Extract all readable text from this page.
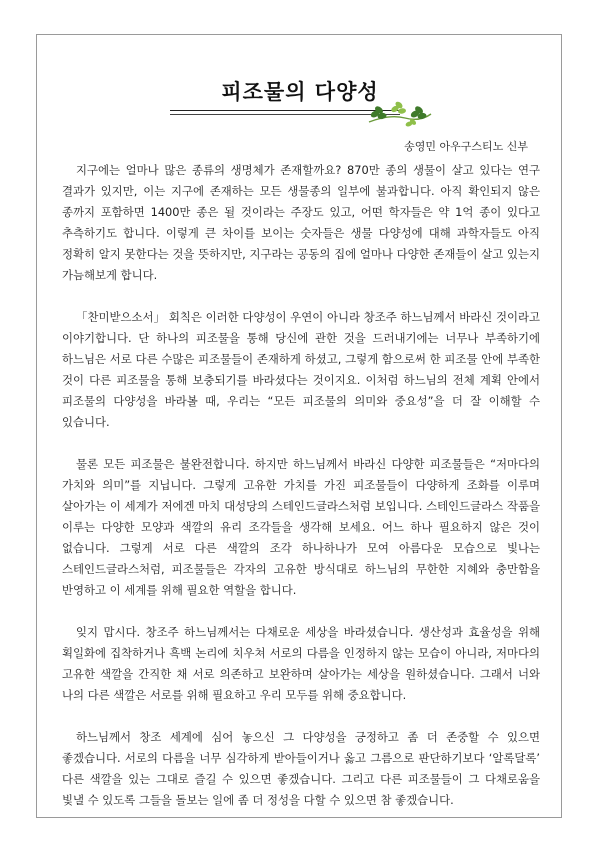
피조물의 다양성
송영민 아우구스티노 신부

지구에는 얼마나 많은 종류의 생명체가 존재할까요? 870만 종의 생물이 살고 있다는 연구 결과가 있지만, 이는 지구에 존재하는 모든 생물종의 일부에 불과합니다. 아직 확인되지 않은 종까지 포함하면 1400만 종은 될 것이라는 주장도 있고, 어떤 학자들은 약 1억 종이 있다고 추측하기도 합니다. 이렇게 큰 차이를 보이는 숫자들은 생물 다양성에 대해 과학자들도 아직 정확히 알지 못한다는 것을 뜻하지만, 지구라는 공동의 집에 얼마나 다양한 존재들이 살고 있는지 가늠해보게 합니다.

「찬미받으소서」 회칙은 이러한 다양성이 우연이 아니라 창조주 하느님께서 바라신 것이라고 이야기합니다. 단 하나의 피조물을 통해 당신에 관한 것을 드러내기에는 너무나 부족하기에 하느님은 서로 다른 수많은 피조물들이 존재하게 하셨고, 그렇게 함으로써 한 피조물 안에 부족한 것이 다른 피조물을 통해 보충되기를 바라셨다는 것이지요. 이처럼 하느님의 전체 계획 안에서 피조물의 다양성을 바라볼 때, 우리는 “모든 피조물의 의미와 중요성”을 더 잘 이해할 수 있습니다.

물론 모든 피조물은 불완전합니다. 하지만 하느님께서 바라신 다양한 피조물들은 “저마다의 가치와 의미”를 지닙니다. 그렇게 고유한 가치를 가진 피조물들이 다양하게 조화를 이루며 살아가는 이 세계가 저에겐 마치 대성당의 스테인드글라스처럼 보입니다. 스테인드글라스 작품을 이루는 다양한 모양과 색깔의 유리 조각들을 생각해 보세요. 어느 하나 필요하지 않은 것이 없습니다. 그렇게 서로 다른 색깔의 조각 하나하나가 모여 아름다운 모습으로 빛나는 스테인드글라스처럼, 피조물들은 각자의 고유한 방식대로 하느님의 무한한 지혜와 충만함을 반영하고 이 세계를 위해 필요한 역할을 합니다.

잊지 맙시다. 창조주 하느님께서는 다채로운 세상을 바라셨습니다. 생산성과 효율성을 위해 획일화에 집착하거나 흑백 논리에 치우쳐 서로의 다름을 인정하지 않는 모습이 아니라, 저마다의 고유한 색깔을 간직한 채 서로 의존하고 보완하며 살아가는 세상을 원하셨습니다. 그래서 너와 나의 다른 색깔은 서로를 위해 필요하고 우리 모두를 위해 중요합니다.

하느님께서 창조 세계에 심어 놓으신 그 다양성을 긍정하고 좀 더 존중할 수 있으면 좋겠습니다. 서로의 다름을 너무 심각하게 받아들이거나 옳고 그름으로 판단하기보다 ‘알록달록’ 다른 색깔을 있는 그대로 즐길 수 있으면 좋겠습니다. 그리고 다른 피조물들이 그 다채로움을 빛낼 수 있도록 그들을 돌보는 일에 좀 더 정성을 다할 수 있으면 참 좋겠습니다.
